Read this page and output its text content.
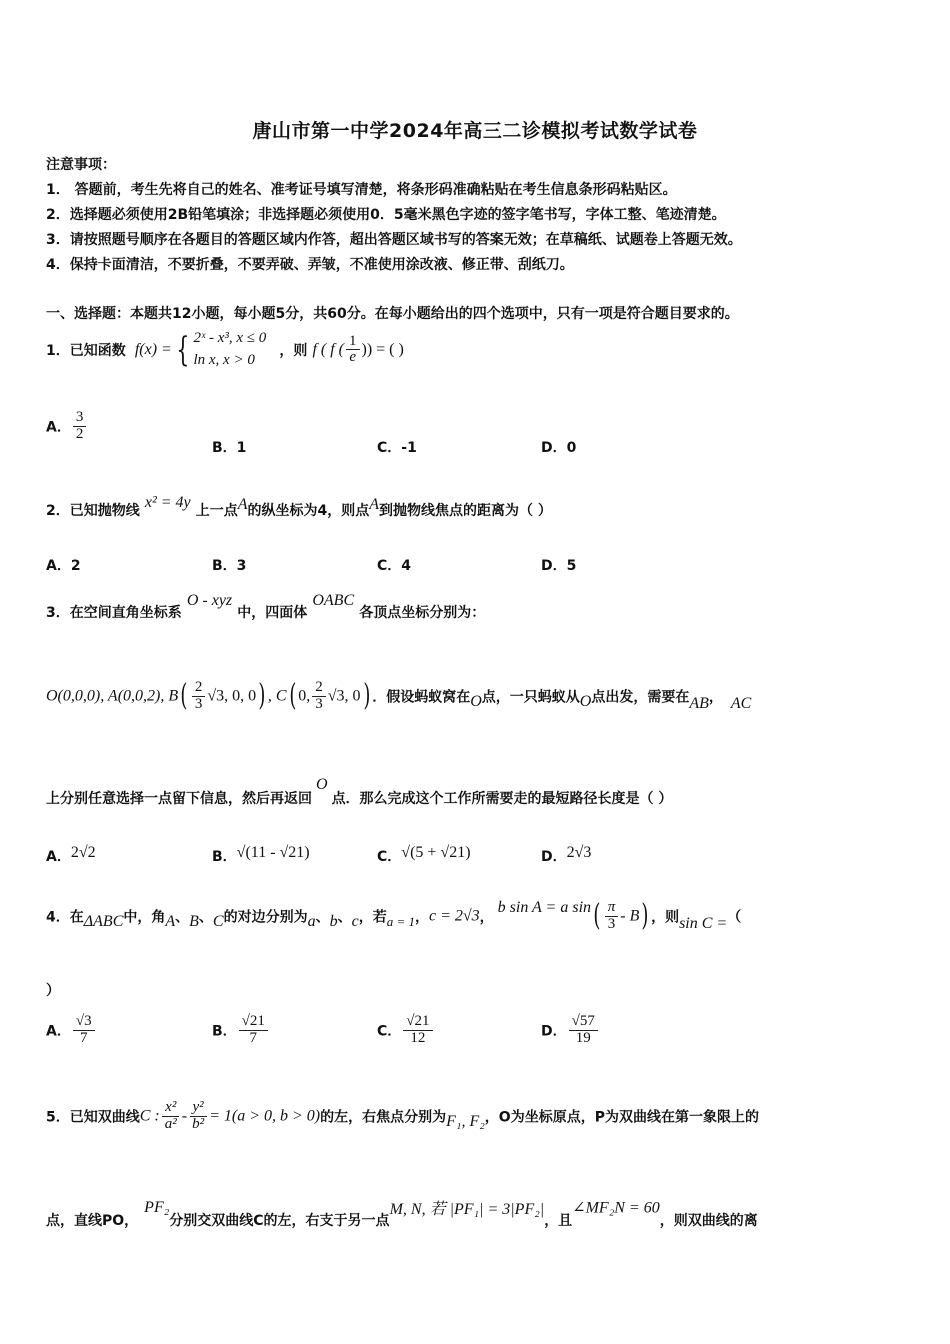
唐山市第一中学2024年高三二诊模拟考试数学试卷
注意事项：
1． 答题前，考生先将自己的姓名、准考证号填写清楚，将条形码准确粘贴在考生信息条形码粘贴区。
2．选择题必须使用2B铅笔填涂；非选择题必须使用0．5毫米黑色字迹的签字笔书写，字体工整、笔迹清楚。
3．请按照题号顺序在各题目的答题区域内作答，超出答题区域书写的答案无效；在草稿纸、试题卷上答题无效。
4．保持卡面清洁，不要折叠，不要弄破、弄皱，不准使用涂改液、修正带、刮纸刀。
一、选择题：本题共12小题，每小题5分，共60分。在每小题给出的四个选项中，只有一项是符合题目要求的。
1．已知函数 f(x) = { 2ˣ - x³, x ≤ 0
ln x, x > 0
，则 f ( f ( $\frac{1}{e}$ )) = ( )
A． $\frac{3}{2}$
B．1	C．-1	D．0
2．已知抛物线 x² = 4y 上一点A的纵坐标为4，则点A到抛物线焦点的距离为（ ）
A．2	B．3	C．4	D．5
3．在空间直角坐标系 O - xyz 中，四面体 OABC 各顶点坐标分别为：
O(0,0,0), A(0,0,2), $B( \frac{2}{3} √3$, 0, 0) , C( 0, $\frac{2}{3} √3$, 0) ．假设蚂蚁窝在O点，一只蚂蚁从O点出发，需要在AB， AC
上分别任意选择一点留下信息，然后再返回O点．那么完成这个工作所需要走的最短路径长度是（ ）
A．2√2	B．√(11 - √21)	C．√(5 + √21)	D．2√3
4．在ΔABC中，角A、B、C的对边分别为a、b、c，若$_{a = 1}$，c = 2√3，b sin A = a $\sin( \frac{\pi}{3} - B)$ ，则sin C =（
）
A． $\frac{√3}{7}$	B． $\frac{√21}{7}$	C． $\frac{√21}{12}$	D． $\frac{√57}{19}$
5．已知双曲线C : $\frac{\text{x²}}{\text{a²}} - \frac{\text{y²}}{\text{b²}} = 1(a > 0$, b > 0)的左，右焦点分别为F₁, F₂，O为坐标原点，P为双曲线在第一象限上的
点，直线PO，PF₂分别交双曲线C的左，右支于另一点M, N, 若 |PF₁| = 3|PF₂|，且∠MF₂N = 60，则双曲线的离
